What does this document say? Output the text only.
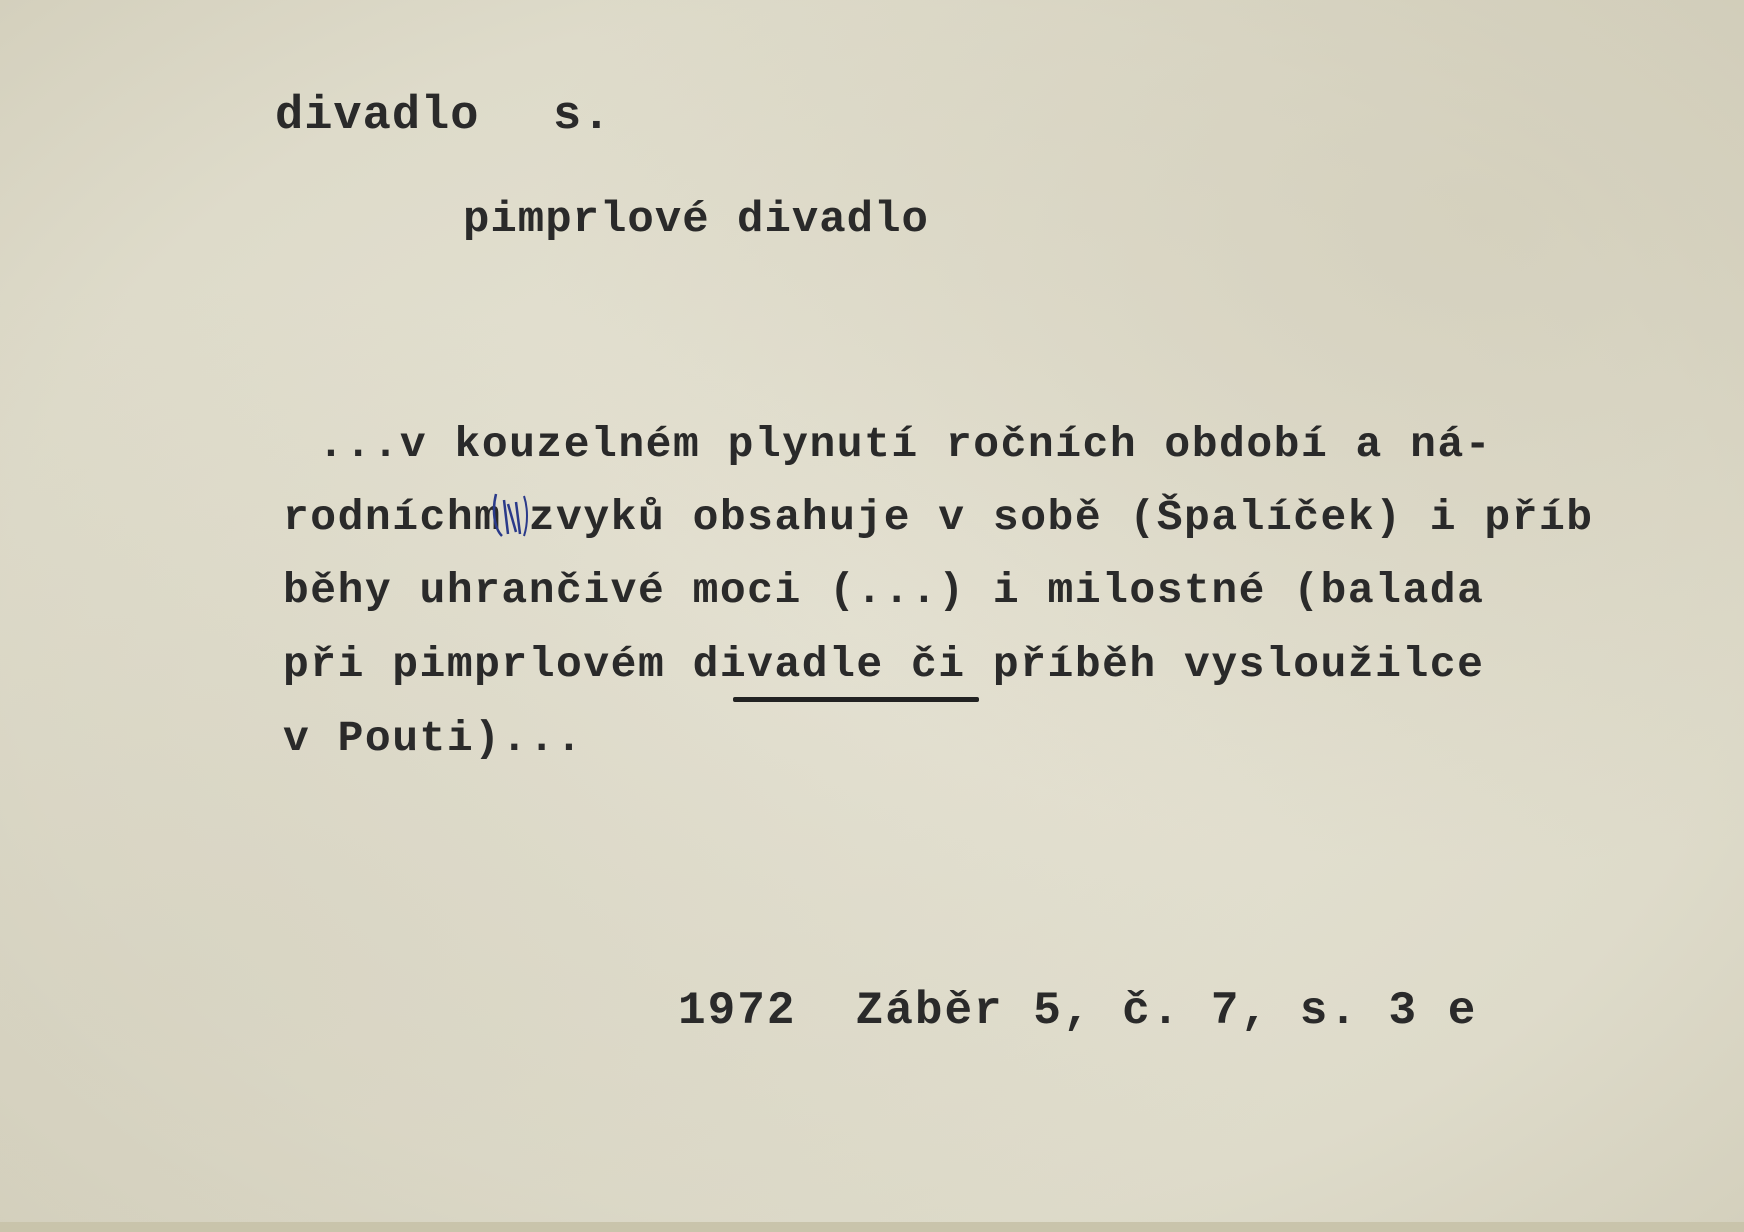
divadlo s.
pimprlové divadlo
...v kouzelném plynutí ročních období a ná-
rodníchm zvyků obsahuje v sobě (Špalíček) i příb
běhy uhrančivé moci (...) i milostné (balada
při pimprlovém divadle či příběh vysloužilce
v Pouti)...
1972  Záběr 5, č. 7, s. 3 e
